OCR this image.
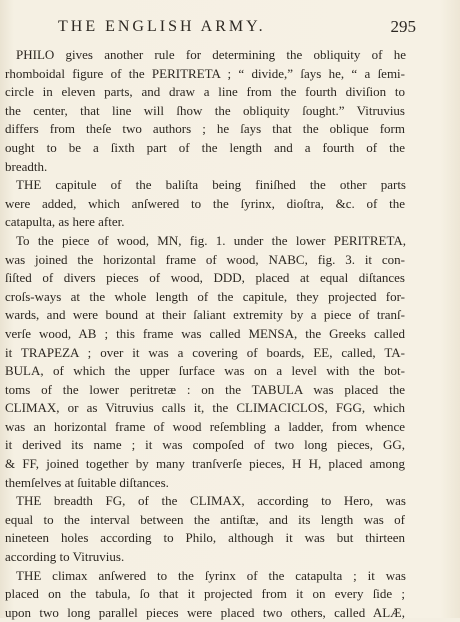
THE ENGLISH ARMY.	295
PHILO gives another rule for determining the obliquity of he
rhomboidal figure of the PERITRETA ; “ divide,” ſays he, “ a ſemi-
circle in eleven parts, and draw a line from the fourth diviſion to
the center, that line will ſhow the obliquity ſought.” Vitruvius
differs from theſe two authors ; he ſays that the oblique form
ought to be a ſixth part of the length and a fourth of the
breadth.
THE capitule of the baliſta being finiſhed the other parts
were added, which anſwered to the ſyrinx, dioſtra, &c. of the
catapulta, as here after.
To the piece of wood, MN, fig. 1. under the lower PERITRETA,
was joined the horizontal frame of wood, NABC, fig. 3. it con-
ſiſted of divers pieces of wood, DDD, placed at equal diſtances
croſs-ways at the whole length of the capitule, they projected for-
wards, and were bound at their ſaliant extremity by a piece of tranſ-
verſe wood, AB ; this frame was called MENSA, the Greeks called
it TRAPEZA ; over it was a covering of boards, EE, called, TA-
BULA, of which the upper ſurface was on a level with the bot-
toms of the lower peritretæ : on the TABULA was placed the
CLIMAX, or as Vitruvius calls it, the CLIMACICLOS, FGG, which
was an horizontal frame of wood reſembling a ladder, from whence
it derived its name ; it was compoſed of two long pieces, GG,
& FF, joined together by many tranſverſe pieces, H H, placed among
themſelves at ſuitable diſtances.
THE breadth FG, of the CLIMAX, according to Hero, was
equal to the interval between the antiſtæ, and its length was of
nineteen holes according to Philo, although it was but thirteen
according to Vitruvius.
THE climax anſwered to the ſyrinx of the catapulta ; it was
placed on the tabula, ſo that it projected from it on every ſide ;
upon two long parallel pieces were placed two others, called ALÆ,
